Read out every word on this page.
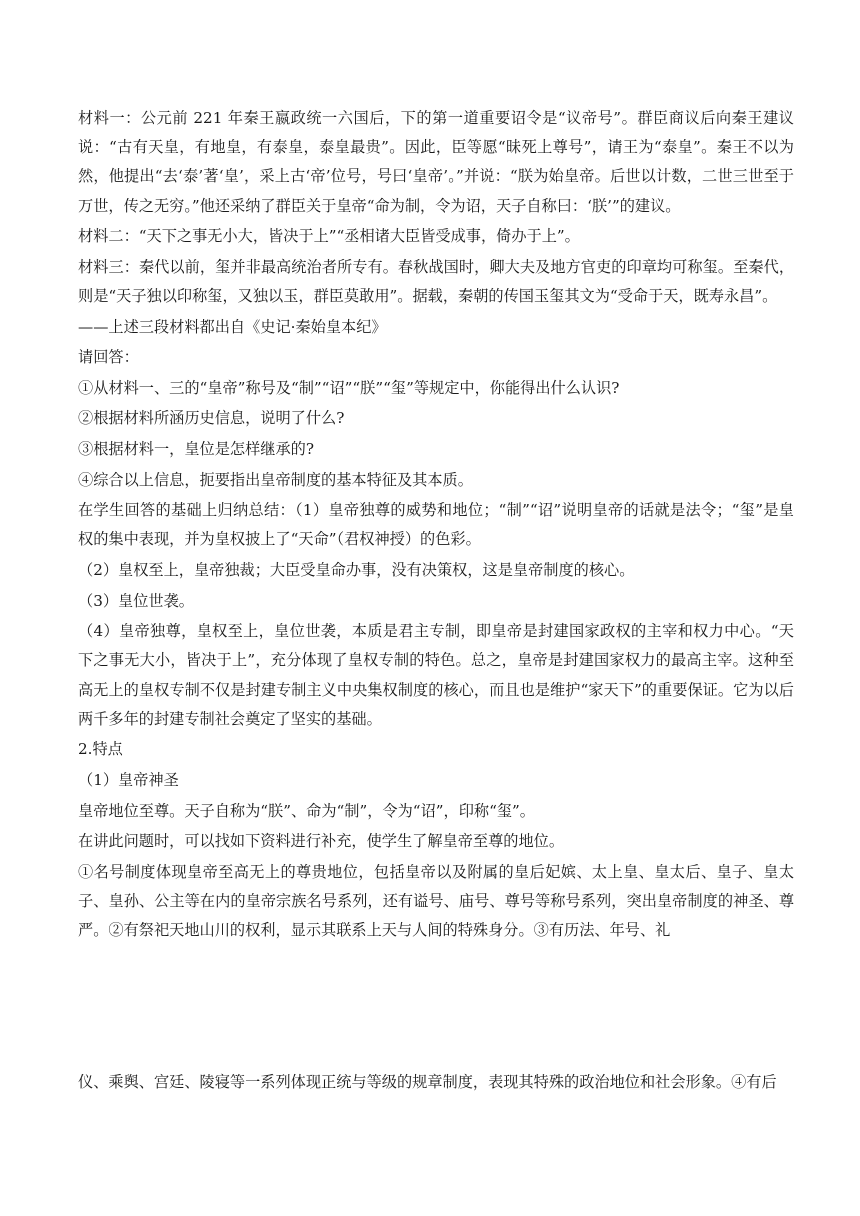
材料一：公元前 221 年秦王嬴政统一六国后，下的第一道重要诏令是“议帝号”。群臣商议后向秦王建议说：“古有天皇，有地皇，有泰皇，泰皇最贵”。因此，臣等愿“昧死上尊号”，请王为“泰皇”。秦王不以为然，他提出“去‘泰’著‘皇’，采上古‘帝’位号，号曰‘皇帝’。”并说：“朕为始皇帝。后世以计数，二世三世至于万世，传之无穷。”他还采纳了群臣关于皇帝“命为制，令为诏，天子自称曰：‘朕’”的建议。

材料二：“天下之事无小大，皆决于上”“丞相诸大臣皆受成事，倚办于上”。

材料三：秦代以前，玺并非最高统治者所专有。春秋战国时，卿大夫及地方官吏的印章均可称玺。至秦代，则是“天子独以印称玺，又独以玉，群臣莫敢用”。据载，秦朝的传国玉玺其文为“受命于天，既寿永昌”。

——上述三段材料都出自《史记·秦始皇本纪》

请回答：

①从材料一、三的“皇帝”称号及“制”“诏”“朕”“玺”等规定中，你能得出什么认识?

②根据材料所涵历史信息，说明了什么?

③根据材料一，皇位是怎样继承的?

④综合以上信息，扼要指出皇帝制度的基本特征及其本质。

在学生回答的基础上归纳总结：（1）皇帝独尊的威势和地位；“制”“诏”说明皇帝的话就是法令；“玺”是皇权的集中表现，并为皇权披上了“天命”（君权神授）的色彩。

（2）皇权至上，皇帝独裁；大臣受皇命办事，没有决策权，这是皇帝制度的核心。

（3）皇位世袭。

（4）皇帝独尊，皇权至上，皇位世袭，本质是君主专制，即皇帝是封建国家政权的主宰和权力中心。“天下之事无大小，皆决于上”，充分体现了皇权专制的特色。总之，皇帝是封建国家权力的最高主宰。这种至高无上的皇权专制不仅是封建专制主义中央集权制度的核心，而且也是维护“家天下”的重要保证。它为以后两千多年的封建专制社会奠定了坚实的基础。

2.特点

（1）皇帝神圣

皇帝地位至尊。天子自称为“朕”、命为“制”，令为“诏”，印称“玺”。

在讲此问题时，可以找如下资料进行补充，使学生了解皇帝至尊的地位。

①名号制度体现皇帝至高无上的尊贵地位，包括皇帝以及附属的皇后妃嫔、太上皇、皇太后、皇子、皇太子、皇孙、公主等在内的皇帝宗族名号系列，还有谥号、庙号、尊号等称号系列，突出皇帝制度的神圣、尊严。②有祭祀天地山川的权利，显示其联系上天与人间的特殊身分。③有历法、年号、礼

仪、乘舆、宫廷、陵寝等一系列体现正统与等级的规章制度，表现其特殊的政治地位和社会形象。④有后
